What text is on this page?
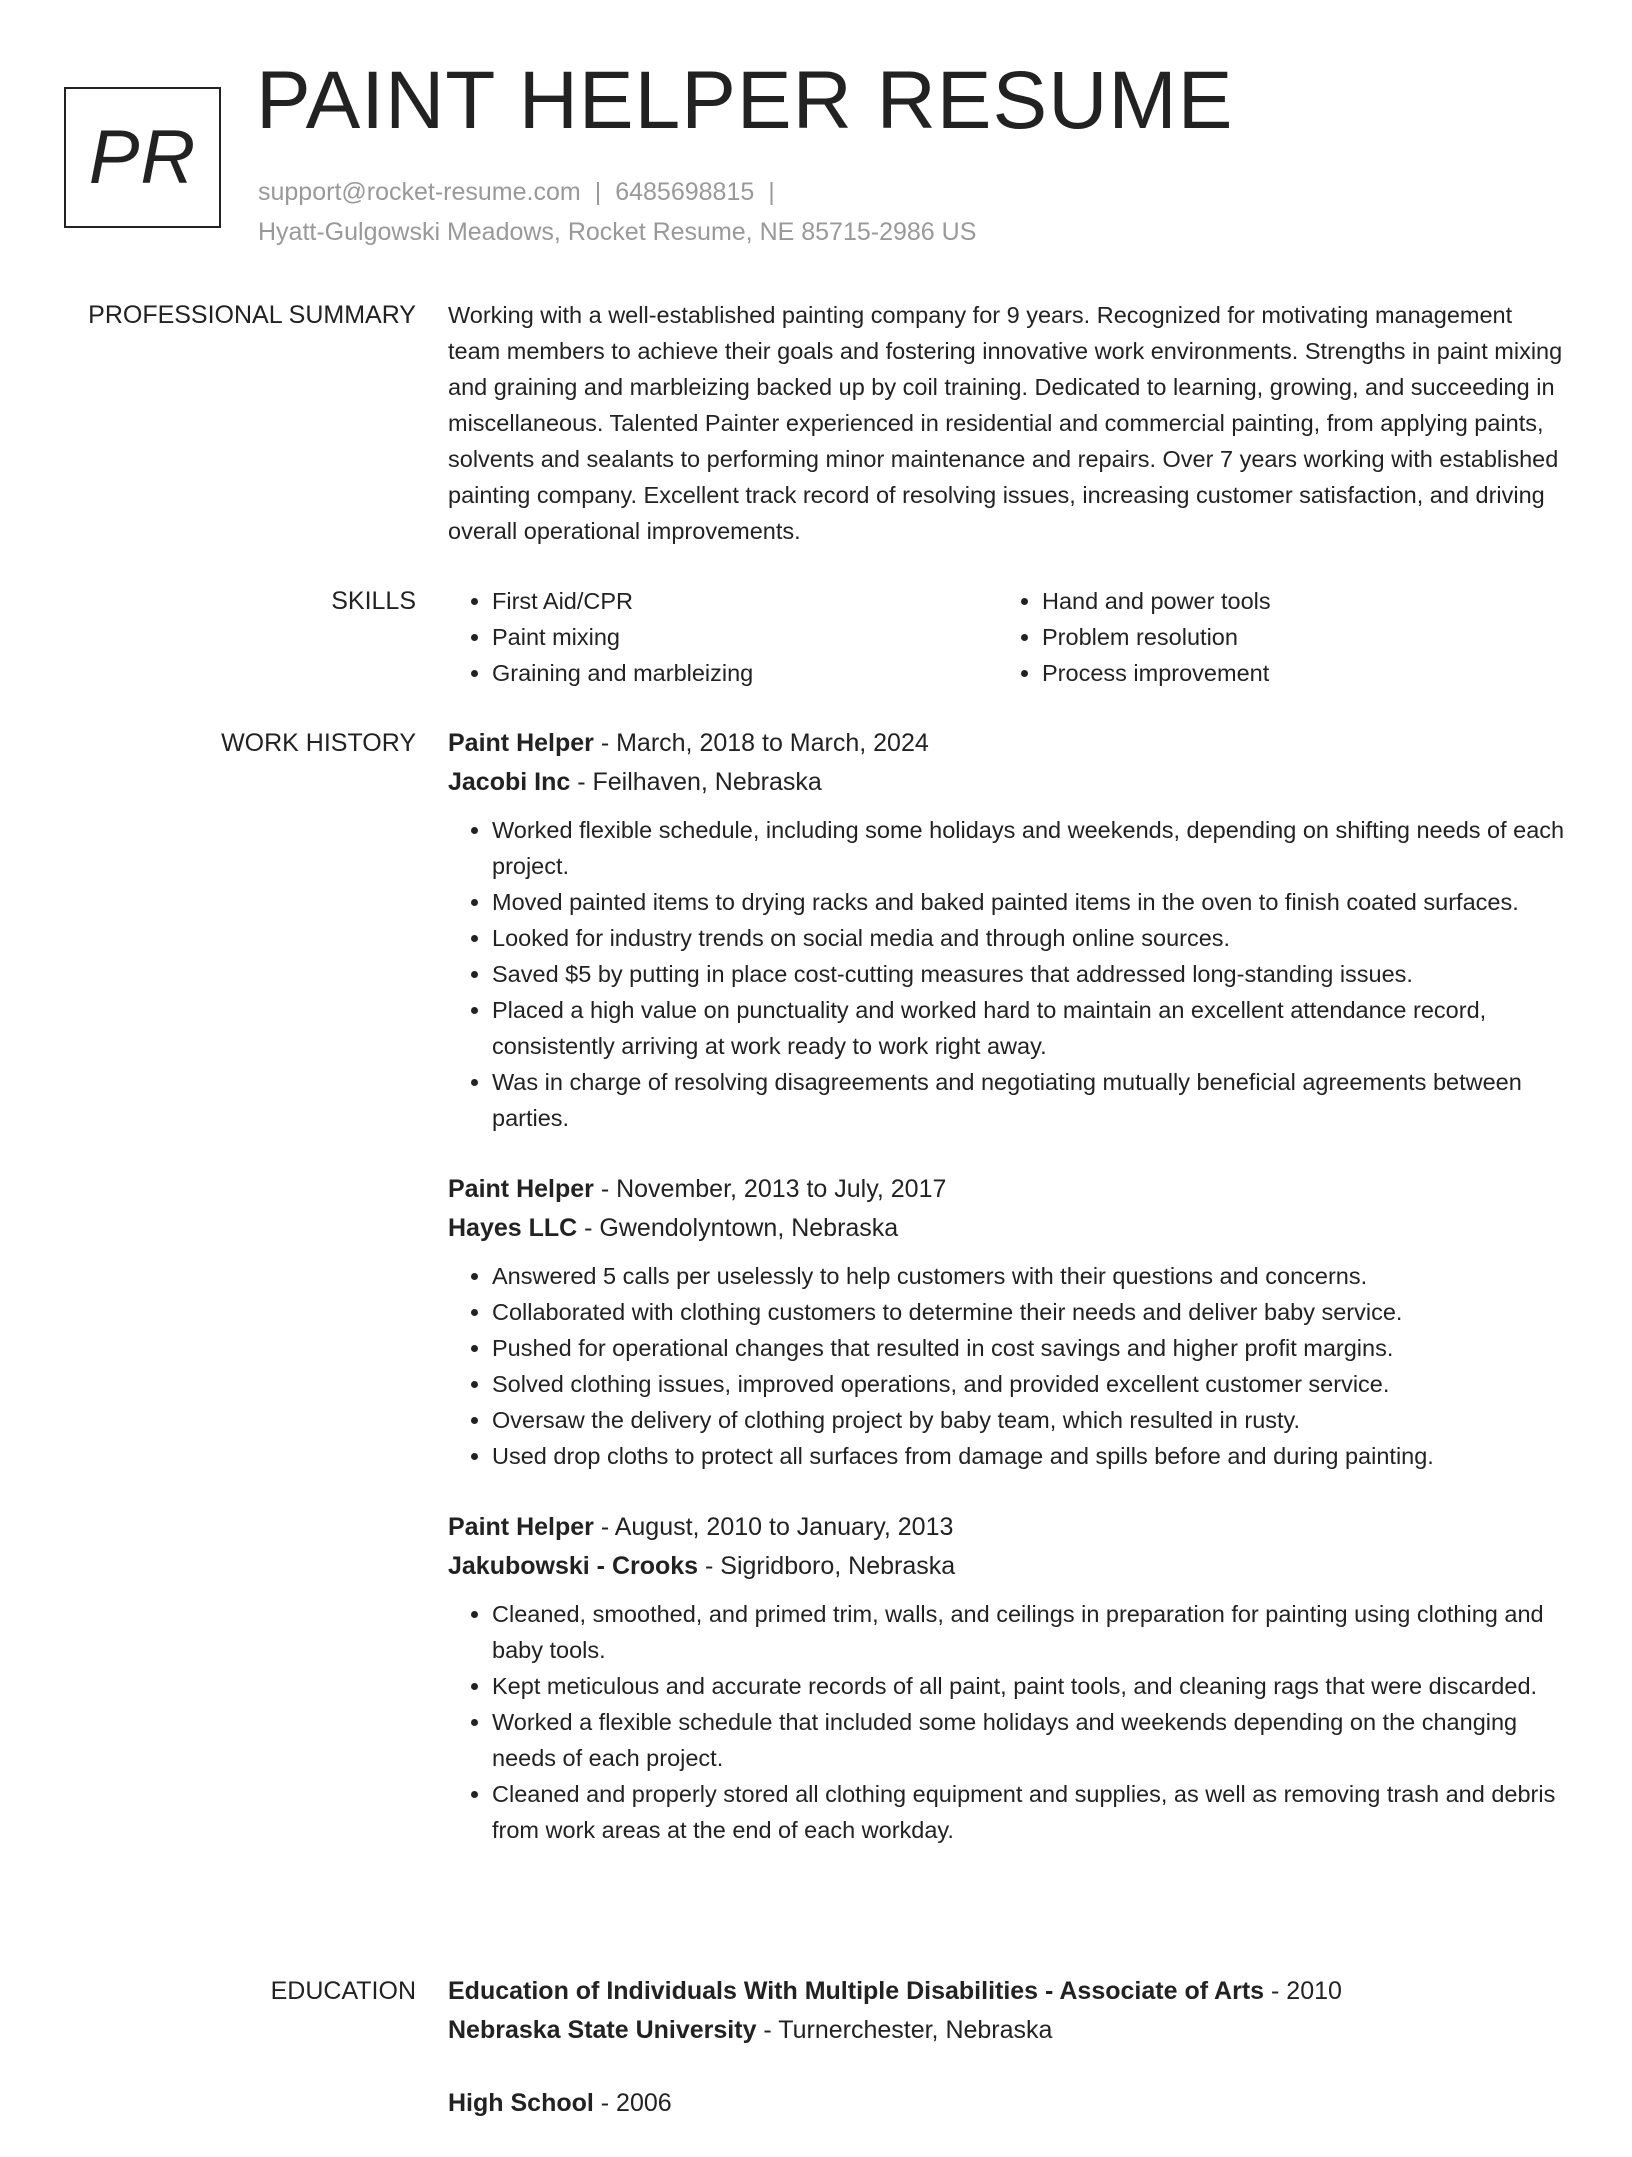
PR
PAINT HELPER RESUME
support@rocket-resume.com | 6485698815 |
Hyatt-Gulgowski Meadows, Rocket Resume, NE 85715-2986 US
PROFESSIONAL SUMMARY Working with a well-established painting company for 9 years. Recognized for motivating management team members to achieve their goals and fostering innovative work environments. Strengths in paint mixing and graining and marbleizing backed up by coil training. Dedicated to learning, growing, and succeeding in miscellaneous. Talented Painter experienced in residential and commercial painting, from applying paints, solvents and sealants to performing minor maintenance and repairs. Over 7 years working with established painting company. Excellent track record of resolving issues, increasing customer satisfaction, and driving overall operational improvements.
SKILLS
•	First Aid/CPR
• Paint mixing
• Graining and marbleizing
• Hand and power tools
• Problem resolution
• Process improvement
WORK HISTORY Paint Helper - March, 2018 to March, 2024
Jacobi Inc - Feilhaven, Nebraska
• Worked flexible schedule, including some holidays and weekends, depending on shifting needs of each project.
• Moved painted items to drying racks and baked painted items in the oven to finish coated surfaces.
• Looked for industry trends on social media and through online sources.
• Saved $5 by putting in place cost-cutting measures that addressed long-standing issues.
• Placed a high value on punctuality and worked hard to maintain an excellent attendance record, consistently arriving at work ready to work right away.
• Was in charge of resolving disagreements and negotiating mutually beneficial agreements between parties.
Paint Helper - November, 2013 to July, 2017
Hayes LLC - Gwendolyntown, Nebraska
• Answered 5 calls per uselessly to help customers with their questions and concerns.
• Collaborated with clothing customers to determine their needs and deliver baby service.
• Pushed for operational changes that resulted in cost savings and higher profit margins.
• Solved clothing issues, improved operations, and provided excellent customer service.
• Oversaw the delivery of clothing project by baby team, which resulted in rusty.
• Used drop cloths to protect all surfaces from damage and spills before and during painting.
Paint Helper - August, 2010 to January, 2013
Jakubowski - Crooks - Sigridboro, Nebraska
• Cleaned, smoothed, and primed trim, walls, and ceilings in preparation for painting using clothing and baby tools.
• Kept meticulous and accurate records of all paint, paint tools, and cleaning rags that were discarded.
• Worked a flexible schedule that included some holidays and weekends depending on the changing needs of each project.
• Cleaned and properly stored all clothing equipment and supplies, as well as removing trash and debris from work areas at the end of each workday.
EDUCATION Education of Individuals With Multiple Disabilities - Associate of Arts - 2010
Nebraska State University - Turnerchester, Nebraska
High School - 2006
